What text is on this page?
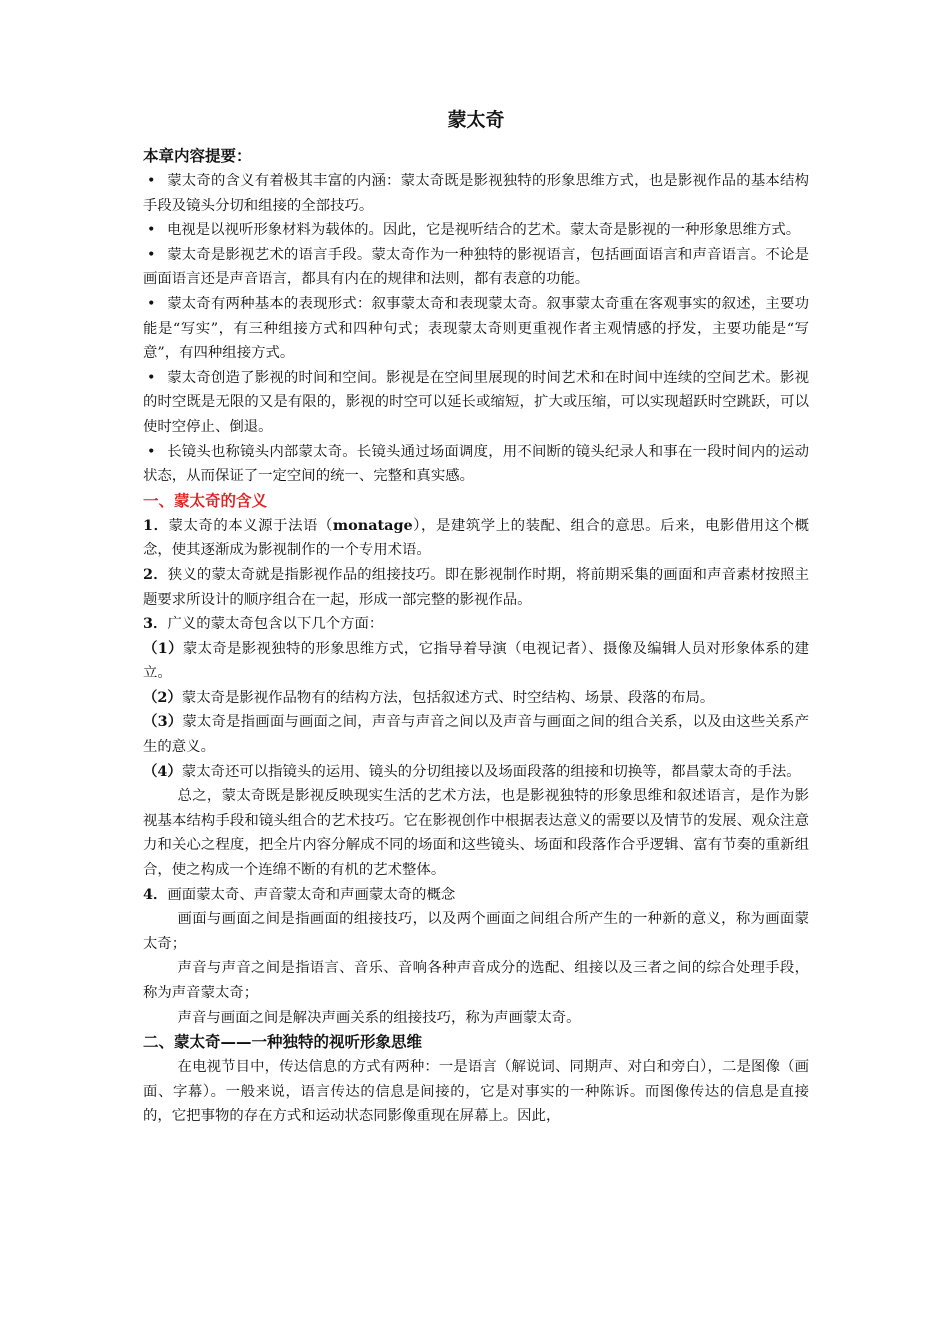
蒙太奇
本章内容提要：

• 蒙太奇的含义有着极其丰富的内涵：蒙太奇既是影视独特的形象思维方式，也是影视作品的基本结构手段及镜头分切和组接的全部技巧。

• 电视是以视听形象材料为载体的。因此，它是视听结合的艺术。蒙太奇是影视的一种形象思维方式。

• 蒙太奇是影视艺术的语言手段。蒙太奇作为一种独特的影视语言，包括画面语言和声音语言。不论是画面语言还是声音语言，都具有内在的规律和法则，都有表意的功能。

• 蒙太奇有两种基本的表现形式：叙事蒙太奇和表现蒙太奇。叙事蒙太奇重在客观事实的叙述，主要功能是“写实”，有三种组接方式和四种句式；表现蒙太奇则更重视作者主观情感的抒发，主要功能是“写意”，有四种组接方式。

• 蒙太奇创造了影视的时间和空间。影视是在空间里展现的时间艺术和在时间中连续的空间艺术。影视的时空既是无限的又是有限的，影视的时空可以延长或缩短，扩大或压缩，可以实现超跃时空跳跃，可以使时空停止、倒退。

• 长镜头也称镜头内部蒙太奇。长镜头通过场面调度，用不间断的镜头纪录人和事在一段时间内的运动状态，从而保证了一定空间的统一、完整和真实感。

一、蒙太奇的含义

1．蒙太奇的本义源于法语（monatage），是建筑学上的装配、组合的意思。后来，电影借用这个概念，使其逐渐成为影视制作的一个专用术语。

2．狭义的蒙太奇就是指影视作品的组接技巧。即在影视制作时期，将前期采集的画面和声音素材按照主题要求所设计的顺序组合在一起，形成一部完整的影视作品。

3．广义的蒙太奇包含以下几个方面：

（1）蒙太奇是影视独特的形象思维方式，它指导着导演（电视记者）、摄像及编辑人员对形象体系的建立。

（2）蒙太奇是影视作品物有的结构方法，包括叙述方式、时空结构、场景、段落的布局。

（3）蒙太奇是指画面与画面之间，声音与声音之间以及声音与画面之间的组合关系，以及由这些关系产生的意义。

（4）蒙太奇还可以指镜头的运用、镜头的分切组接以及场面段落的组接和切换等，都昌蒙太奇的手法。

总之，蒙太奇既是影视反映现实生活的艺术方法，也是影视独特的形象思维和叙述语言，是作为影视基本结构手段和镜头组合的艺术技巧。它在影视创作中根据表达意义的需要以及情节的发展、观众注意力和关心之程度，把全片内容分解成不同的场面和这些镜头、场面和段落作合乎逻辑、富有节奏的重新组合，使之构成一个连绵不断的有机的艺术整体。

4．画面蒙太奇、声音蒙太奇和声画蒙太奇的概念

画面与画面之间是指画面的组接技巧，以及两个画面之间组合所产生的一种新的意义，称为画面蒙太奇；

声音与声音之间是指语言、音乐、音响各种声音成分的选配、组接以及三者之间的综合处理手段，称为声音蒙太奇；

声音与画面之间是解决声画关系的组接技巧，称为声画蒙太奇。

二、蒙太奇——一种独特的视听形象思维

在电视节目中，传达信息的方式有两种：一是语言（解说词、同期声、对白和旁白），二是图像（画面、字幕）。一般来说，语言传达的信息是间接的，它是对事实的一种陈诉。而图像传达的信息是直接的，它把事物的存在方式和运动状态同影像重现在屏幕上。因此，
